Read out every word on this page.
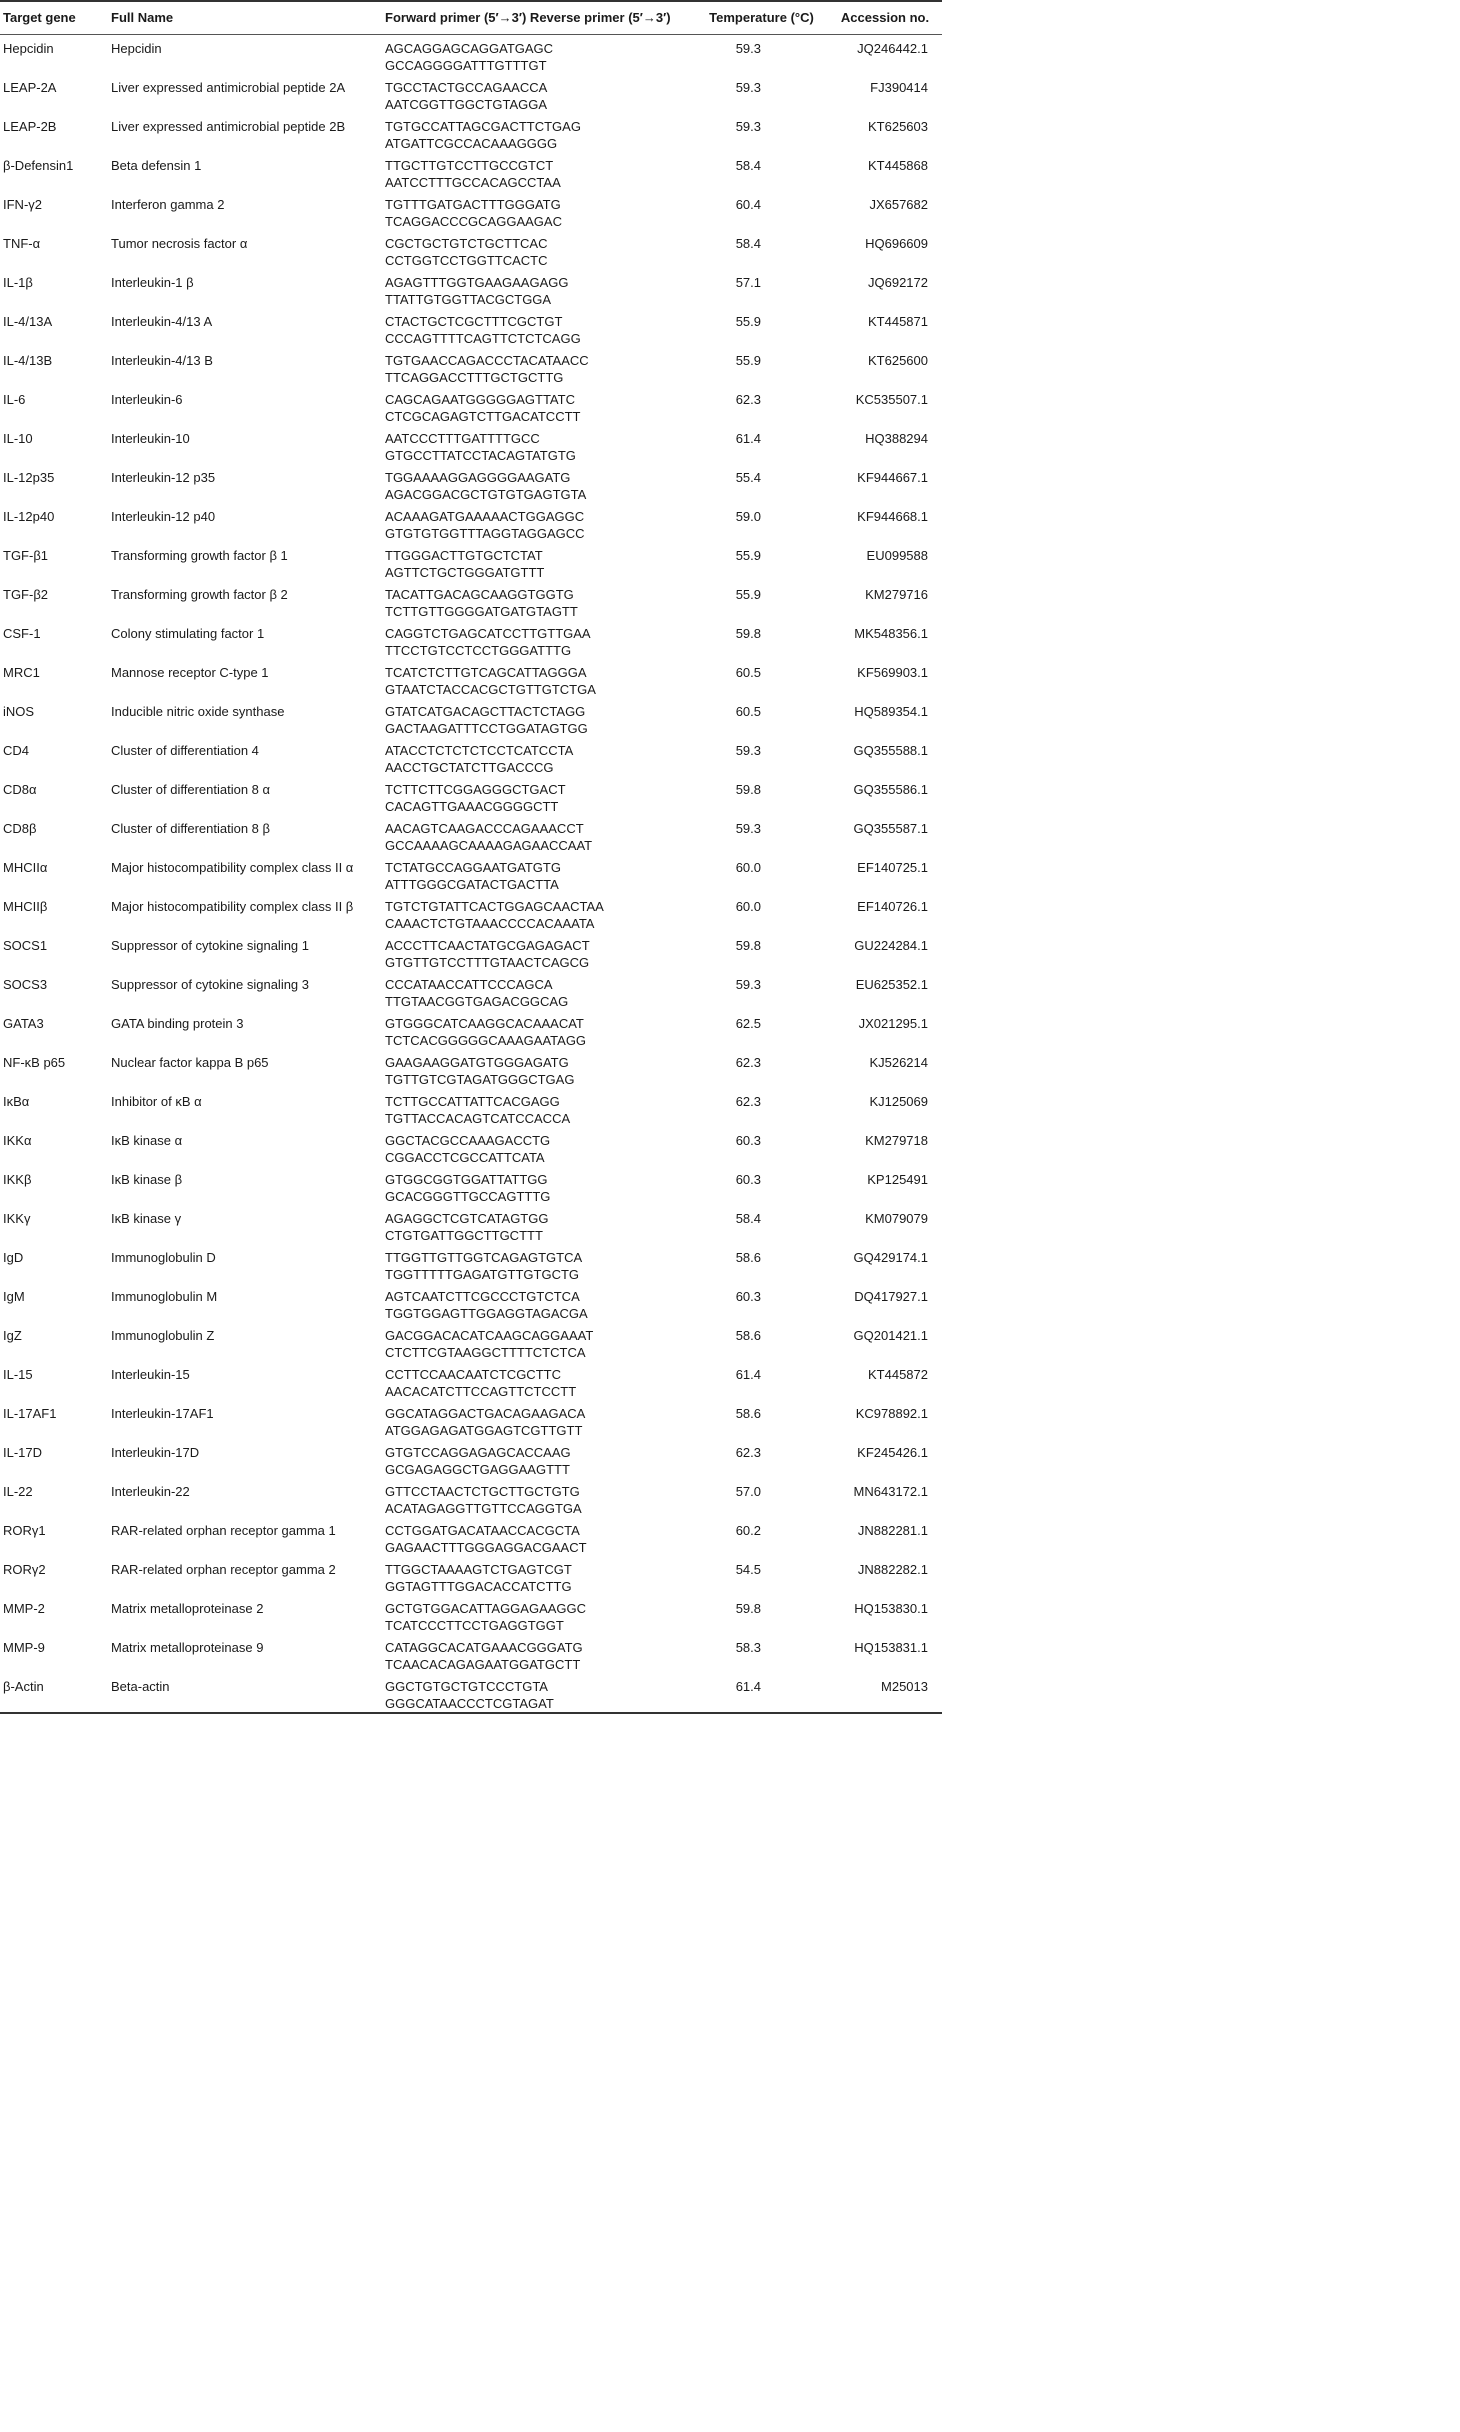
Target gene	Full Name	Forward primer (5′→3′) Reverse primer (5′→3′)	Temperature (°C)	Accession no.
Hepcidin	Hepcidin	AGCAGGAGCAGGATGAGC
GCCAGGGGATTTGTTTGT	59.3	JQ246442.1
LEAP-2A	Liver expressed antimicrobial peptide 2A	TGCCTACTGCCAGAACCA
AATCGGTTGGCTGTAGGA	59.3	FJ390414
LEAP-2B	Liver expressed antimicrobial peptide 2B	TGTGCCATTAGCGACTTCTGAG
ATGATTCGCCACAAAGGGG	59.3	KT625603
β-Defensin1	Beta defensin 1	TTGCTTGTCCTTGCCGTCT
AATCCTTTGCCACAGCCTAA	58.4	KT445868
IFN-γ2	Interferon gamma 2	TGTTTGATGACTTTGGGATG
TCAGGACCCGCAGGAAGAC	60.4	JX657682
TNF-α	Tumor necrosis factor α	CGCTGCTGTCTGCTTCAC
CCTGGTCCTGGTTCACTC	58.4	HQ696609
IL-1β	Interleukin-1 β	AGAGTTTGGTGAAGAAGAGG
TTATTGTGGTTACGCTGGA	57.1	JQ692172
IL-4/13A	Interleukin-4/13 A	CTACTGCTCGCTTTCGCTGT
CCCAGTTTTCAGTTCTCTCAGG	55.9	KT445871
IL-4/13B	Interleukin-4/13 B	TGTGAACCAGACCCTACATAACC
TTCAGGACCTTTGCTGCTTG	55.9	KT625600
IL-6	Interleukin-6	CAGCAGAATGGGGGAGTTATC
CTCGCAGAGTCTTGACATCCTT	62.3	KC535507.1
IL-10	Interleukin-10	AATCCCTTTGATTTTGCC
GTGCCTTATCCTACAGTATGTG	61.4	HQ388294
IL-12p35	Interleukin-12 p35	TGGAAAAGGAGGGGAAGATG
AGACGGACGCTGTGTGAGTGTA	55.4	KF944667.1
IL-12p40	Interleukin-12 p40	ACAAAGATGAAAAACTGGAGGC
GTGTGTGGTTTAGGTAGGAGCC	59.0	KF944668.1
TGF-β1	Transforming growth factor β 1	TTGGGACTTGTGCTCTAT
AGTTCTGCTGGGATGTTT	55.9	EU099588
TGF-β2	Transforming growth factor β 2	TACATTGACAGCAAGGTGGTG
TCTTGTTGGGGATGATGTAGTT	55.9	KM279716
CSF-1	Colony stimulating factor 1	CAGGTCTGAGCATCCTTGTTGAA
TTCCTGTCCTCCTGGGATTTG	59.8	MK548356.1
MRC1	Mannose receptor C-type 1	TCATCTCTTGTCAGCATTAGGGA
GTAATCTACCACGCTGTTGTCTGA	60.5	KF569903.1
iNOS	Inducible nitric oxide synthase	GTATCATGACAGCTTACTCTAGG
GACTAAGATTTCCTGGATAGTGG	60.5	HQ589354.1
CD4	Cluster of differentiation 4	ATACCTCTCTCTCCTCATCCTA
AACCTGCTATCTTGACCCG	59.3	GQ355588.1
CD8α	Cluster of differentiation 8 α	TCTTCTTCGGAGGGCTGACT
CACAGTTGAAACGGGGCTT	59.8	GQ355586.1
CD8β	Cluster of differentiation 8 β	AACAGTCAAGACCCAGAAACCT
GCCAAAAGCAAAAGAGAACCAAT	59.3	GQ355587.1
MHCIIα	Major histocompatibility complex class II α	TCTATGCCAGGAATGATGTG
ATTTGGGCGATACTGACTTA	60.0	EF140725.1
MHCIIβ	Major histocompatibility complex class II β	TGTCTGTATTCACTGGAGCAACTAA
CAAACTCTGTAAACCCCACAAATA	60.0	EF140726.1
SOCS1	Suppressor of cytokine signaling 1	ACCCTTCAACTATGCGAGAGACT
GTGTTGTCCTTTGTAACTCAGCG	59.8	GU224284.1
SOCS3	Suppressor of cytokine signaling 3	CCCATAACCATTCCCAGCA
TTGTAACGGTGAGACGGCAG	59.3	EU625352.1
GATA3	GATA binding protein 3	GTGGGCATCAAGGCACAAACAT
TCTCACGGGGGCAAAGAATAGG	62.5	JX021295.1
NF-κB p65	Nuclear factor kappa B p65	GAAGAAGGATGTGGGAGATG
TGTTGTCGTAGATGGGCTGAG	62.3	KJ526214
IκBα	Inhibitor of κB α	TCTTGCCATTATTCACGAGG
TGTTACCACAGTCATCCACCA	62.3	KJ125069
IKKα	IκB kinase α	GGCTACGCCAAAGACCTG
CGGACCTCGCCATTCATA	60.3	KM279718
IKKβ	IκB kinase β	GTGGCGGTGGATTATTGG
GCACGGGTTGCCAGTTTG	60.3	KP125491
IKKγ	IκB kinase γ	AGAGGCTCGTCATAGTGG
CTGTGATTGGCTTGCTTT	58.4	KM079079
IgD	Immunoglobulin D	TTGGTTGTTGGTCAGAGTGTCA
TGGTTTTTGAGATGTTGTGCTG	58.6	GQ429174.1
IgM	Immunoglobulin M	AGTCAATCTTCGCCCTGTCTCA
TGGTGGAGTTGGAGGTAGACGA	60.3	DQ417927.1
IgZ	Immunoglobulin Z	GACGGACACATCAAGCAGGAAAT
CTCTTCGTAAGGCTTTTCTCTCA	58.6	GQ201421.1
IL-15	Interleukin-15	CCTTCCAACAATCTCGCTTC
AACACATCTTCCAGTTCTCCTT	61.4	KT445872
IL-17AF1	Interleukin-17AF1	GGCATAGGACTGACAGAAGACA
ATGGAGAGATGGAGTCGTTGTT	58.6	KC978892.1
IL-17D	Interleukin-17D	GTGTCCAGGAGAGCACCAAG
GCGAGAGGCTGAGGAAGTTT	62.3	KF245426.1
IL-22	Interleukin-22	GTTCCTAACTCTGCTTGCTGTG
ACATAGAGGTTGTTCCAGGTGA	57.0	MN643172.1
RORγ1	RAR-related orphan receptor gamma 1	CCTGGATGACATAACCACGCTA
GAGAACTTTGGGAGGACGAACT	60.2	JN882281.1
RORγ2	RAR-related orphan receptor gamma 2	TTGGCTAAAAGTCTGAGTCGT
GGTAGTTTGGACACCATCTTG	54.5	JN882282.1
MMP-2	Matrix metalloproteinase 2	GCTGTGGACATTAGGAGAAGGC
TCATCCCTTCCTGAGGTGGT	59.8	HQ153830.1
MMP-9	Matrix metalloproteinase 9	CATAGGCACATGAAACGGGATG
TCAACACAGAGAATGGATGCTT	58.3	HQ153831.1
β-Actin	Beta-actin	GGCTGTGCTGTCCCTGTA
GGGCATAACCCTCGTAGAT	61.4	M25013
